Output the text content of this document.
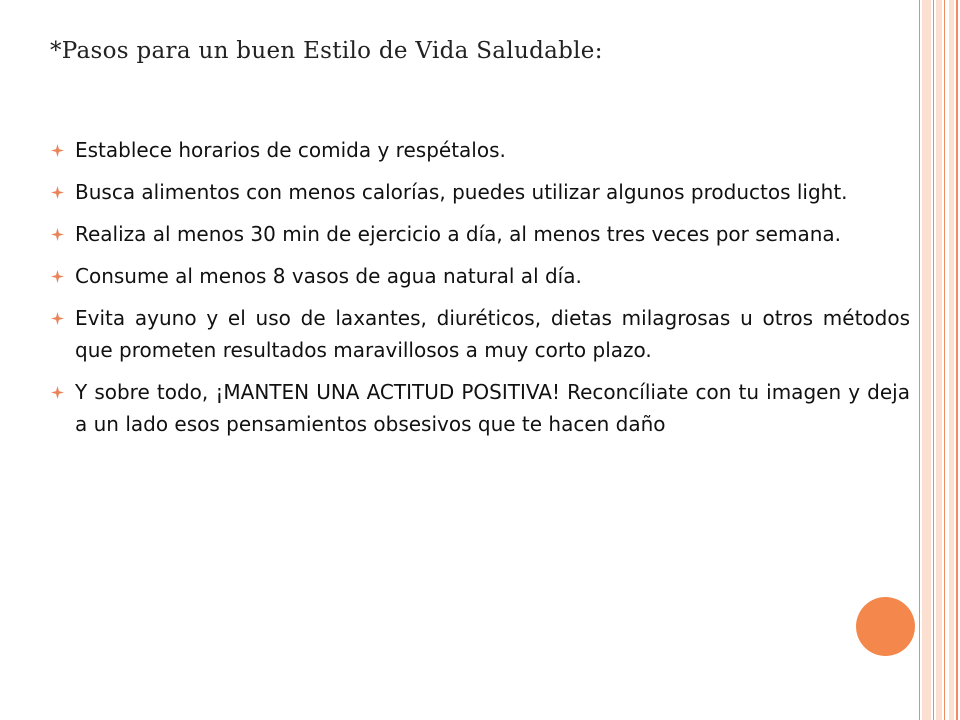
*Pasos para un buen Estilo de Vida Saludable:
Establece horarios de comida y respétalos.
Busca alimentos con menos calorías, puedes utilizar algunos productos light.
Realiza al menos 30 min de ejercicio a día, al menos tres veces por semana.
Consume al menos 8 vasos de agua natural al día.
Evita ayuno y el uso de laxantes, diuréticos, dietas milagrosas u otros métodos que prometen resultados maravillosos a muy corto plazo.
Y sobre todo, ¡MANTEN UNA ACTITUD POSITIVA! Reconcíliate con tu imagen y deja a un lado esos pensamientos obsesivos que te hacen daño
